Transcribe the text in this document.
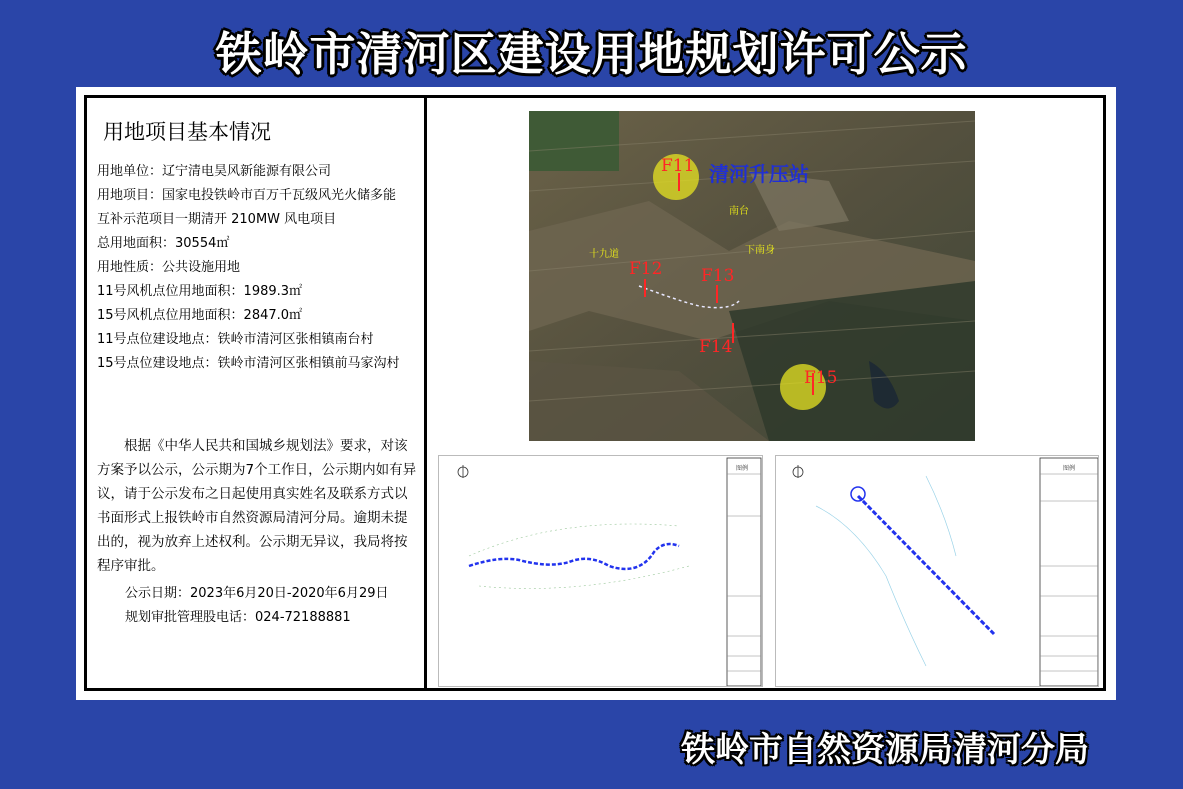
铁岭市清河区建设用地规划许可公示
用地项目基本情况
用地单位：辽宁清电昊风新能源有限公司
用地项目：国家电投铁岭市百万千瓦级风光火储多能
互补示范项目一期清开 210MW 风电项目
总用地面积：30554㎡
用地性质：公共设施用地
11号风机点位用地面积：1989.3㎡
15号风机点位用地面积：2847.0㎡
11号点位建设地点：铁岭市清河区张相镇南台村
15号点位建设地点：铁岭市清河区张相镇前马家沟村
根据《中华人民共和国城乡规划法》要求，对该方案予以公示，公示期为7个工作日，公示期内如有异议，请于公示发布之日起使用真实姓名及联系方式以书面形式上报铁岭市自然资源局清河分局。逾期未提出的，视为放弃上述权利。公示期无异议，我局将按程序审批。
公示日期：2023年6月20日-2020年6月29日
规划审批管理股电话：024-72188881
F11
F12 F13
F14
F15
清河升压站
南台
十九道	下南身
图例	图例
铁岭市自然资源局清河分局
